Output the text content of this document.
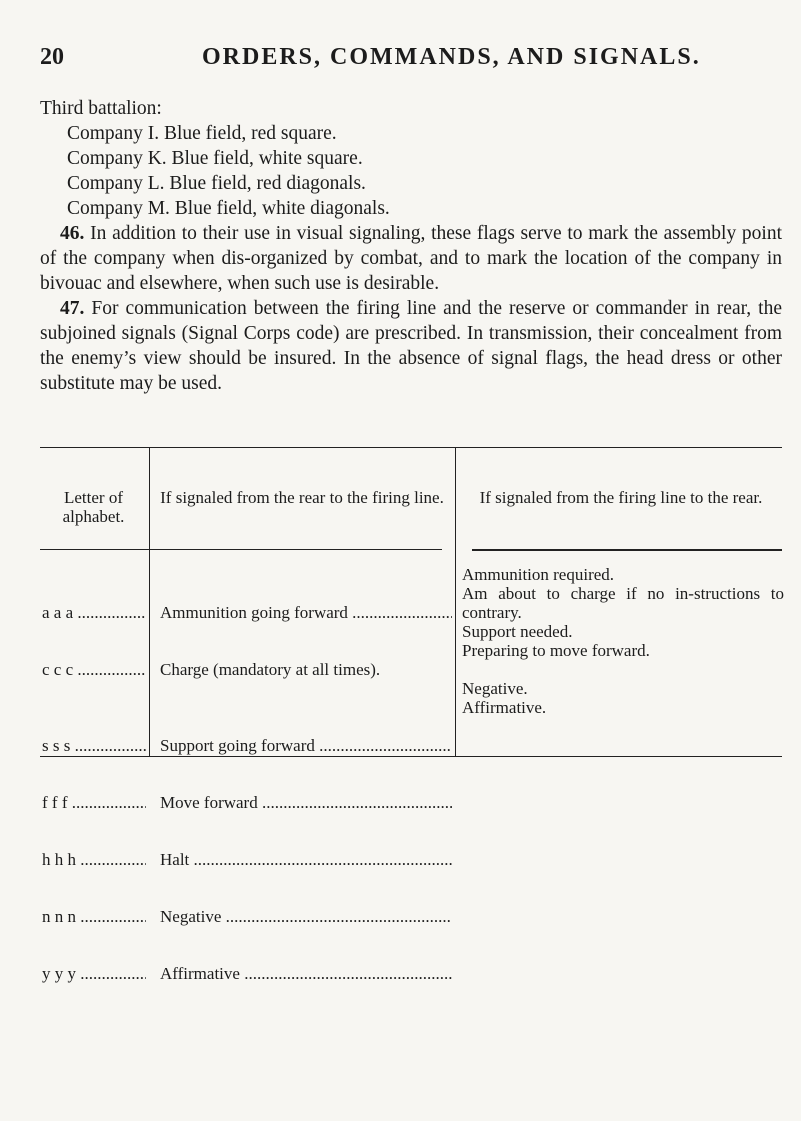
20	ORDERS, COMMANDS, AND SIGNALS.
Third battalion:
Company I. Blue field, red square.
Company K. Blue field, white square.
Company L. Blue field, red diagonals.
Company M. Blue field, white diagonals.
46. In addition to their use in visual signaling, these flags serve to mark the assembly point of the company when dis-organized by combat, and to mark the location of the company in bivouac and elsewhere, when such use is desirable.
47. For communication between the firing line and the reserve or commander in rear, the subjoined signals (Signal Corps code) are prescribed. In transmission, their concealment from the enemy’s view should be insured. In the absence of signal flags, the head dress or other substitute may be used.
Letter of alphabet.
If signaled from the rear to the firing line.	If signaled from the firing line to the rear.

a a a .....

c c c .....

s s s .....

f f f .....

h h h .....

n n n .....

y y y .....

Ammunition going forward .....

Charge (mandatory at all times).

Support going forward .....

Move forward .....

Halt .....

Negative .....

Affirmative .....

Ammunition required.
Am about to charge if no in-structions to contrary.
Support needed.
Preparing to move forward.
Negative.
Affirmative.
